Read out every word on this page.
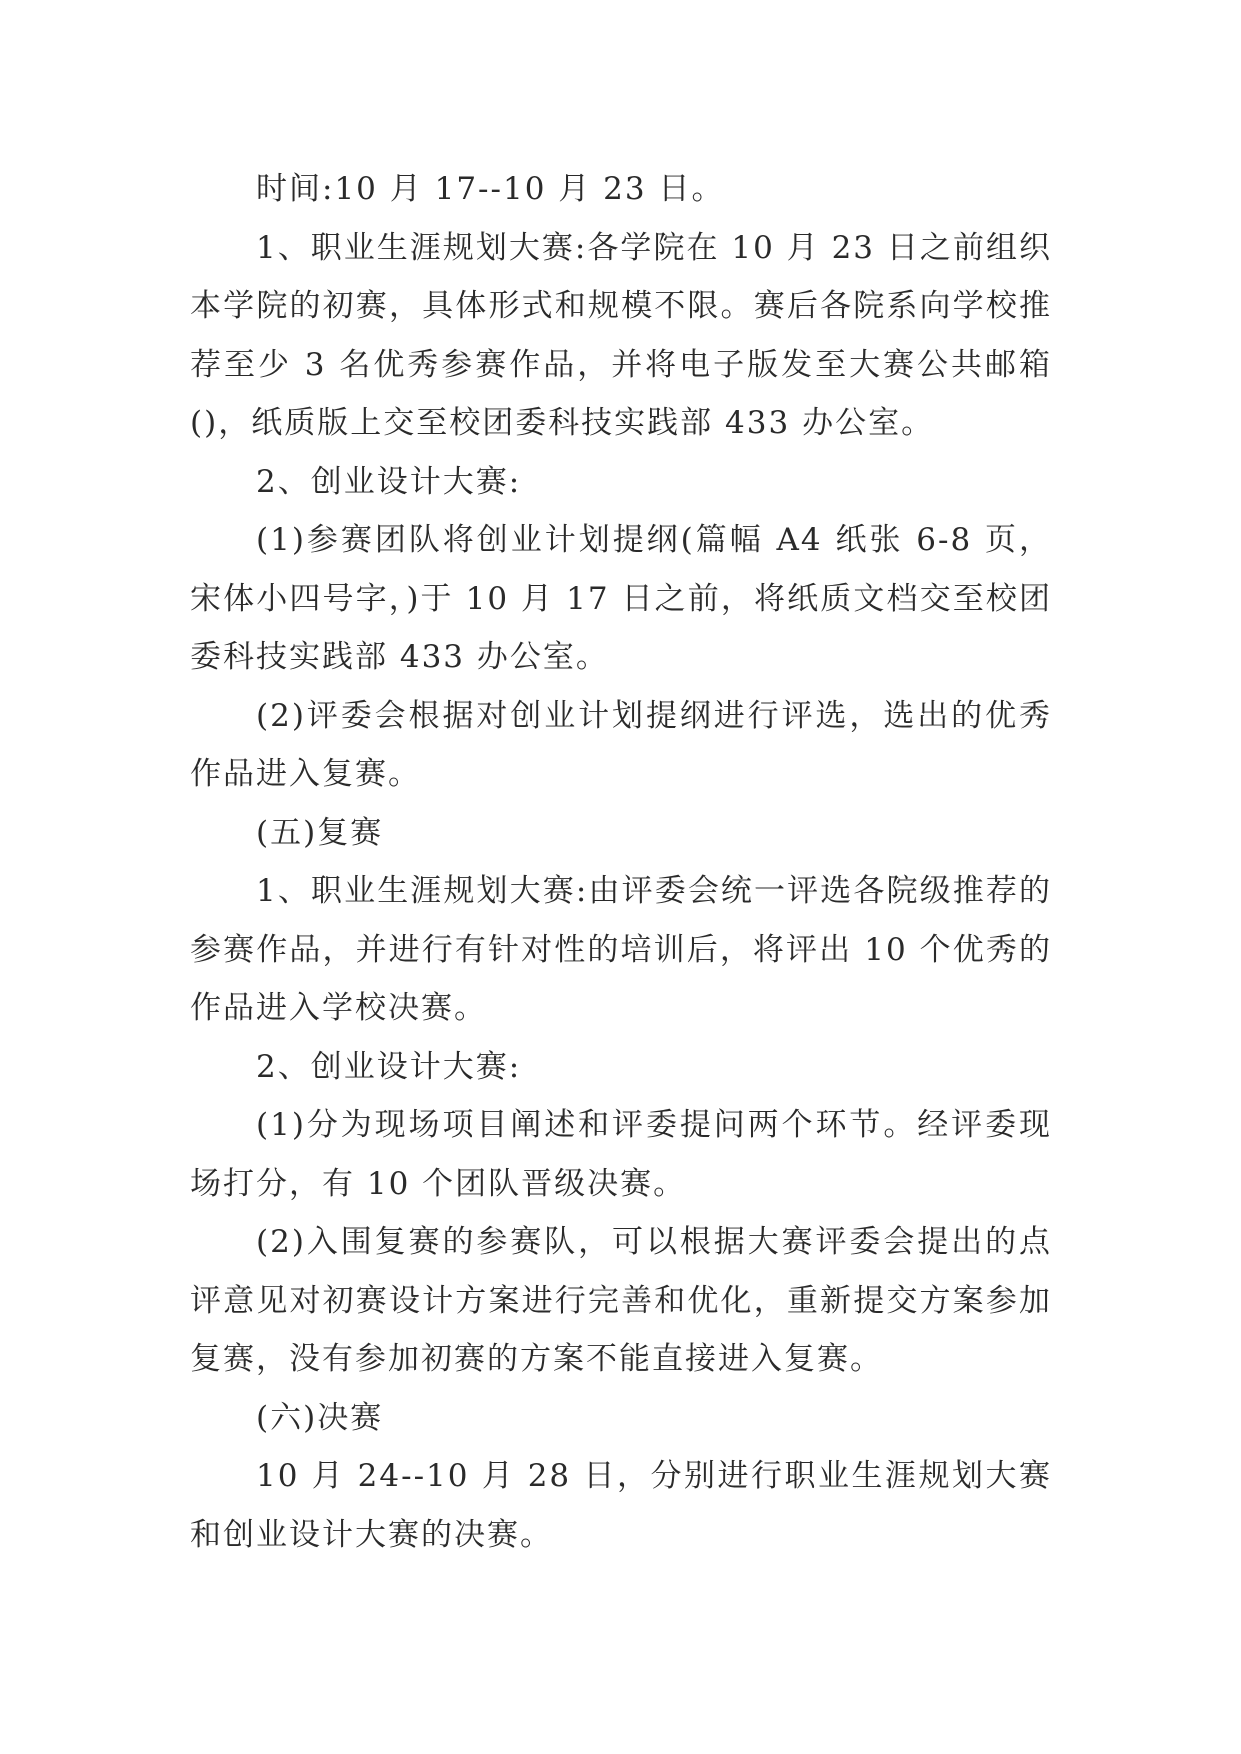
时间:10 月 17--10 月 23 日。

1、职业生涯规划大赛:各学院在 10 月 23 日之前组织本学院的初赛，具体形式和规模不限。赛后各院系向学校推荐至少 3 名优秀参赛作品，并将电子版发至大赛公共邮箱()，纸质版上交至校团委科技实践部 433 办公室。

2、创业设计大赛:

(1)参赛团队将创业计划提纲(篇幅 A4 纸张 6-8 页，宋体小四号字，)于 10 月 17 日之前，将纸质文档交至校团委科技实践部 433 办公室。

(2)评委会根据对创业计划提纲进行评选，选出的优秀作品进入复赛。

(五)复赛

1、职业生涯规划大赛:由评委会统一评选各院级推荐的参赛作品，并进行有针对性的培训后，将评出 10 个优秀的作品进入学校决赛。

2、创业设计大赛:

(1)分为现场项目阐述和评委提问两个环节。经评委现场打分，有 10 个团队晋级决赛。

(2)入围复赛的参赛队，可以根据大赛评委会提出的点评意见对初赛设计方案进行完善和优化，重新提交方案参加复赛，没有参加初赛的方案不能直接进入复赛。

(六)决赛

10 月 24--10 月 28 日，分别进行职业生涯规划大赛和创业设计大赛的决赛。
